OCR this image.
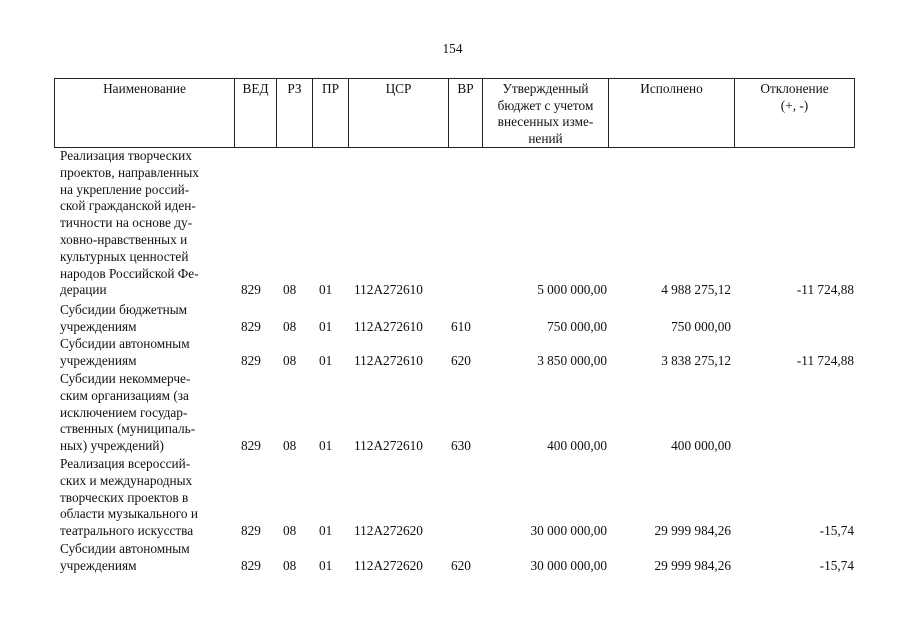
154
Наименование	ВЕД	РЗ	ПР	ЦСР	ВР	Утвержденный
бюджет с учетом
внесенных изме-
нений	Исполнено	Отклонение
(+, -)
Реализация творческих
проектов, направленных
на укрепление россий-
ской гражданской иден-
тичности на основе ду-
ховно-нравственных и
культурных ценностей
народов Российской Фе-
дерации	829 08 01 112A272610	5 000 000,00	4 988 275,12	-11 724,88
Субсидии бюджетным
учреждениям	829 08 01 112A272610 610	750 000,00	750 000,00
Субсидии автономным
учреждениям	829 08 01 112A272610 620	3 850 000,00	3 838 275,12	-11 724,88
Субсидии некоммерче-
ским организациям (за
исключением государ-
ственных (муниципаль-
ных) учреждений)	829 08 01 112A272610 630	400 000,00	400 000,00
Реализация всероссий-
ских и международных
творческих проектов в
области музыкального и
театрального искусства	829 08 01 112A272620	30 000 000,00	29 999 984,26	-15,74
Субсидии автономным
учреждениям	829 08 01 112A272620 620	30 000 000,00	29 999 984,26	-15,74
